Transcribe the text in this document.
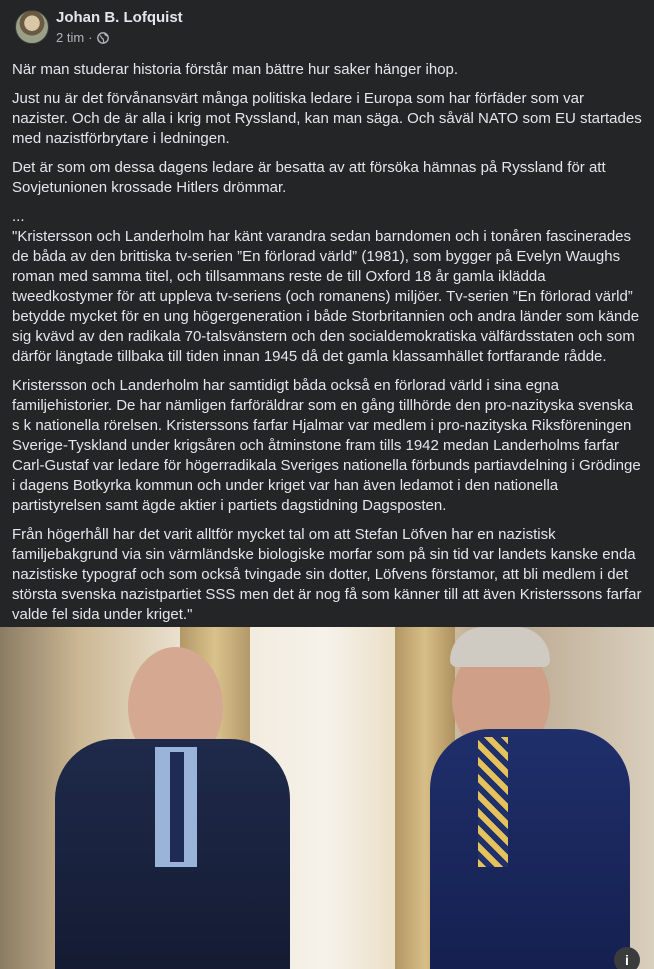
Johan B. Lofquist
2 tim ·

När man studerar historia förstår man bättre hur saker hänger ihop.

Just nu är det förvånansvärt många politiska ledare i Europa som har förfäder som var nazister. Och de är alla i krig mot Ryssland, kan man säga. Och såväl NATO som EU startades med nazistförbrytare i ledningen.

Det är som om dessa dagens ledare är besatta av att försöka hämnas på Ryssland för att Sovjetunionen krossade Hitlers drömmar.

...
"Kristersson och Landerholm har känt varandra sedan barndomen och i tonåren fascinerades de båda av den brittiska tv-serien ”En förlorad värld” (1981), som bygger på Evelyn Waughs roman med samma titel, och tillsammans reste de till Oxford 18 år gamla iklädda tweedkostymer för att uppleva tv-seriens (och romanens) miljöer. Tv-serien ”En förlorad värld” betydde mycket för en ung högergeneration i både Storbritannien och andra länder som kände sig kvävd av den radikala 70-talsvänstern och den socialdemokratiska välfärdsstaten och som därför längtade tillbaka till tiden innan 1945 då det gamla klassamhället fortfarande rådde.

Kristersson och Landerholm har samtidigt båda också en förlorad värld i sina egna familjehistorier. De har nämligen farföräldrar som en gång tillhörde den pro-nazityska svenska s k nationella rörelsen. Kristerssons farfar Hjalmar var medlem i pro-nazityska Riksföreningen Sverige-Tyskland under krigsåren och åtminstone fram tills 1942 medan Landerholms farfar Carl-Gustaf var ledare för högerradikala Sveriges nationella förbunds partiavdelning i Grödinge i dagens Botkyrka kommun och under kriget var han även ledamot i den nationella partistyrelsen samt ägde aktier i partiets dagstidning Dagsposten.

Från högerhåll har det varit alltför mycket tal om att Stefan Löfven har en nazistisk familjebakgrund via sin värmländske biologiske morfar som på sin tid var landets kanske enda nazistiske typograf och som också tvingade sin dotter, Löfvens förstamor, att bli medlem i det största svenska nazistpartiet SSS men det är nog få som känner till att även Kristerssons farfar valde fel sida under kriget."

i
